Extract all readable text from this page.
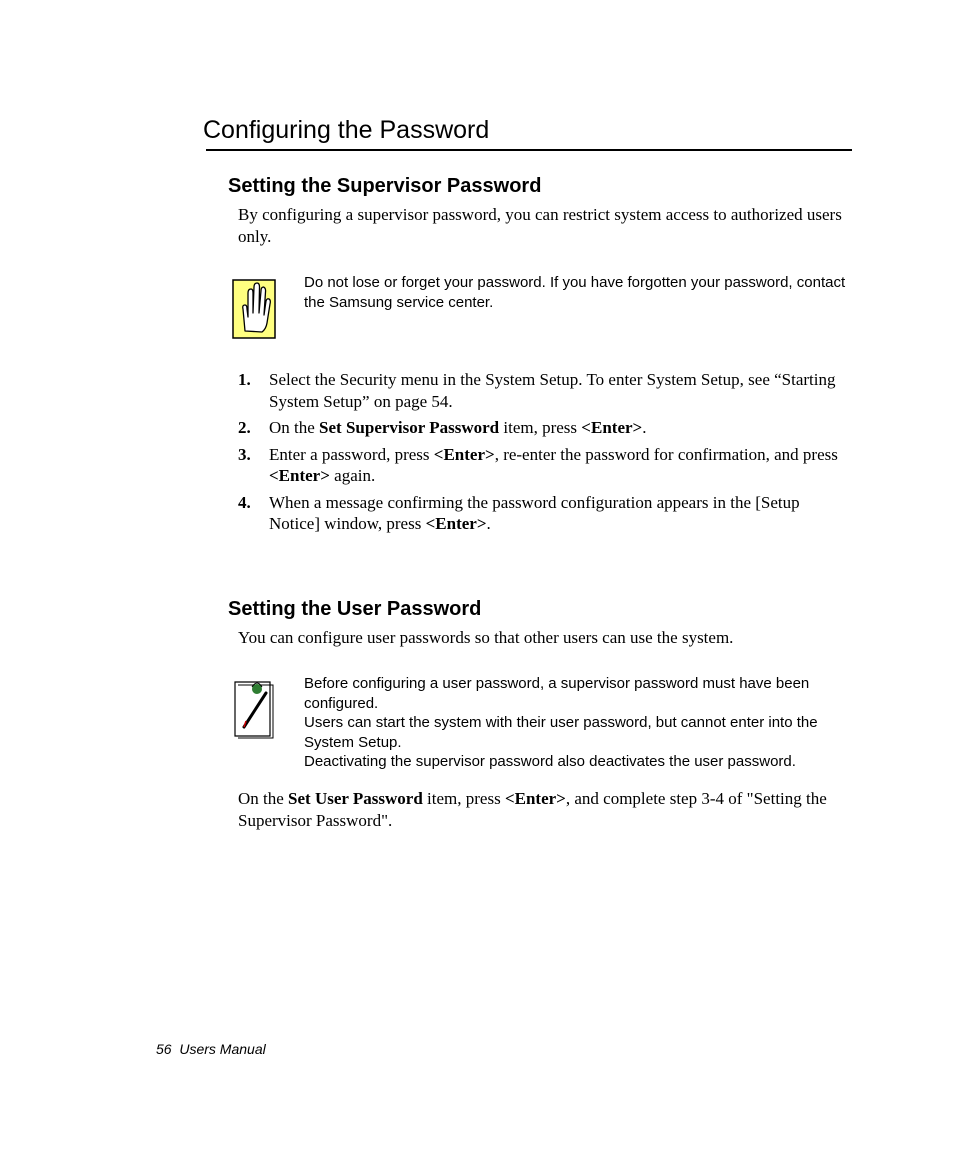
Configuring the Password
Setting the Supervisor Password

By configuring a supervisor password, you can restrict system access to authorized users only.

Do not lose or forget your password. If you have forgotten your password, contact the Samsung service center.

1. Select the Security menu in the System Setup. To enter System Setup, see “Starting System Setup” on page 54.
2. On the Set Supervisor Password item, press <Enter>.
3. Enter a password, press <Enter>, re-enter the password for confirmation, and press <Enter> again.
4. When a message confirming the password configuration appears in the [Setup Notice] window, press <Enter>.
Setting the User Password

You can configure user passwords so that other users can use the system.

Before configuring a user password, a supervisor password must have been configured.
Users can start the system with their user password, but cannot enter into the System Setup.
Deactivating the supervisor password also deactivates the user password.

On the Set User Password item, press <Enter>, and complete step 3-4 of "Setting the Supervisor Password".

56 Users Manual
